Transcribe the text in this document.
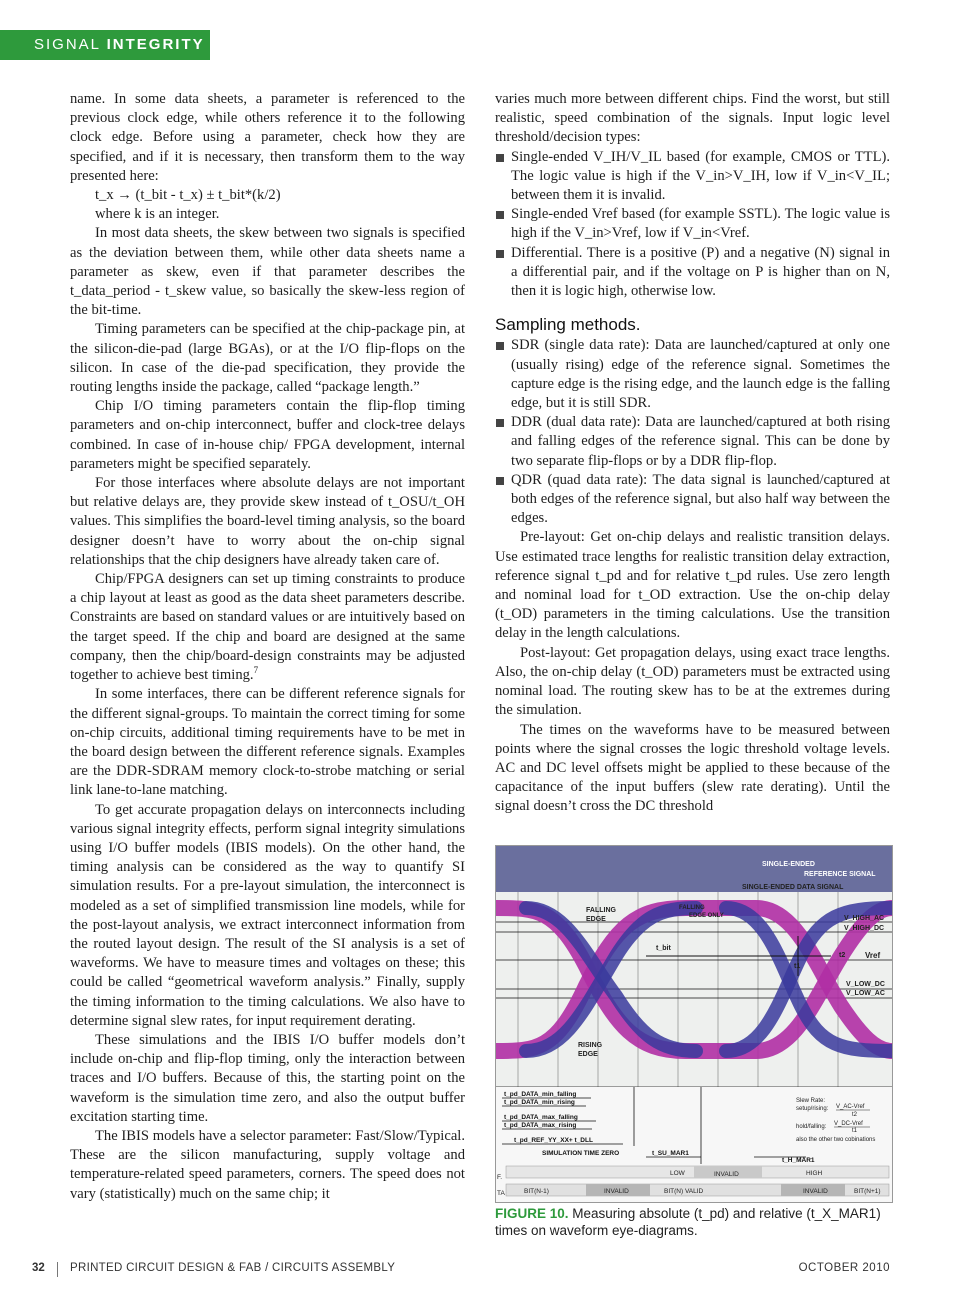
SIGNAL INTEGRITY

name. In some data sheets, a parameter is referenced to the previous clock edge, while others reference it to the following clock edge. Before using a parameter, check how they are specified, and if it is necessary, then transform them to the way presented here:

t_x → (t_bit - t_x) ± t_bit*(k/2)

where k is an integer.

In most data sheets, the skew between two signals is specified as the deviation between them, while other data sheets name a parameter as skew, even if that parameter describes the t_data_period - t_skew value, so basically the skew-less region of the bit-time.

Timing parameters can be specified at the chip-package pin, at the silicon-die-pad (large BGAs), or at the I/O flip-flops on the silicon. In case of the die-pad specification, they provide the routing lengths inside the package, called “package length.”

Chip I/O timing parameters contain the flip-flop timing parameters and on-chip interconnect, buffer and clock-tree delays combined. In case of in-house chip/ FPGA development, internal parameters might be specified separately.

For those interfaces where absolute delays are not important but relative delays are, they provide skew instead of t_OSU/t_OH values. This simplifies the board-level timing analysis, so the board designer doesn’t have to worry about the on-chip signal relationships that the chip designers have already taken care of.

Chip/FPGA designers can set up timing constraints to produce a chip layout at least as good as the data sheet parameters describe. Constraints are based on standard values or are intuitively based on the target speed. If the chip and board are designed at the same company, then the chip/board-design constraints may be adjusted together to achieve best timing.$^7$

In some interfaces, there can be different reference signals for the different signal-groups. To maintain the correct timing for some on-chip circuits, additional timing requirements have to be met in the board design between the different reference signals. Examples are the DDR-SDRAM memory clock-to-strobe matching or serial link lane-to-lane matching.

To get accurate propagation delays on interconnects including various signal integrity effects, perform signal integrity simulations using I/O buffer models (IBIS models). On the other hand, the timing analysis can be considered as the way to quantify SI simulation results. For a pre-layout simulation, the interconnect is modeled as a set of simplified transmission line models, while for the post-layout analysis, we extract interconnect information from the routed layout design. The result of the SI analysis is a set of waveforms. We have to measure times and voltages on these; this could be called “geometrical waveform analysis.” Finally, supply the timing information to the timing calculations. We also have to determine signal slew rates, for input requirement derating.

These simulations and the IBIS I/O buffer models don’t include on-chip and flip-flop timing, only the interaction between traces and I/O buffers. Because of this, the starting point on the waveform is the simulation time zero, and also the output buffer excitation starting time.

The IBIS models have a selector parameter: Fast/Slow/Typical. These are the silicon manufacturing, supply voltage and temperature-related speed parameters, corners. The speed does not vary (statistically) much on the same chip; it

varies much more between different chips. Find the worst, but still realistic, speed combination of the signals. Input logic level threshold/decision types:

Single-ended V_IH/V_IL based (for example, CMOS or TTL). The logic value is high if the V_in>V_IH, low if V_in<V_IL; between them it is invalid.
Single-ended Vref based (for example SSTL). The logic value is high if the V_in>Vref, low if V_in<Vref.
Differential. There is a positive (P) and a negative (N) signal in a differential pair, and if the voltage on P is higher than on N, then it is logic high, otherwise low.
Sampling methods.
SDR (single data rate): Data are launched/captured at only one (usually rising) edge of the reference signal. Sometimes the capture edge is the rising edge, and the launch edge is the falling edge, but it is still SDR.
DDR (dual data rate): Data are launched/captured at both rising and falling edges of the reference signal. This can be done by two separate flip-flops or by a DDR flip-flop.
QDR (quad data rate): The data signal is launched/captured at both edges of the reference signal, but also half way between the edges.

Pre-layout: Get on-chip delays and realistic transition delays. Use estimated trace lengths for realistic transition delay extraction, reference signal t_pd and for relative t_pd rules. Use zero length and nominal load for t_OD extraction. Use the on-chip delay (t_OD) parameters in the timing calculations. Use the transition delay in the length calculations.

Post-layout: Get propagation delays, using exact trace lengths. Also, the on-chip delay (t_OD) parameters must be extracted using nominal load. The routing skew has to be at the extremes during the simulation.

The times on the waveforms have to be measured between points where the signal crosses the logic threshold voltage levels. AC and DC level offsets might be applied to these because of the capacitance of the input buffers (slew rate derating). Until the signal doesn’t cross the DC threshold

SINGLE-ENDED
REFERENCE SIGNAL
SINGLE-ENDED DATA SIGNAL
FALLING
EDGE
FALLING
EDGE ONLY	V_HIGH_AC
V_HIGH_DC
t_bit
t2 Vref
t1
V_LOW_DC
V_LOW_AC
RISING
EDGE
t_pd_DATA_min_falling
t_pd_DATA_min_rising
t_pd_DATA_max_falling
t_pd_DATA_max_rising
t_pd_REF_YY_XX+ t_DLL
SIMULATION TIME ZERO	t_SU_MAR1
t_H_MAR1
Slew Rate:
setup/rising: V_AC-Vref
t2
hold/falling: V_DC-Vref
t1
also the other two cobinations
LOW	INVALID	HIGH
F.
TA	BIT(N-1)	INVALID	BIT(N) VALID	INVALID	BIT(N+1)
FIGURE 10. Measuring absolute (t_pd) and relative (t_X_MAR1) times on waveform eye-diagrams.
32 PRINTED CIRCUIT DESIGN & FAB / CIRCUITS ASSEMBLY	OCTOBER 2010
